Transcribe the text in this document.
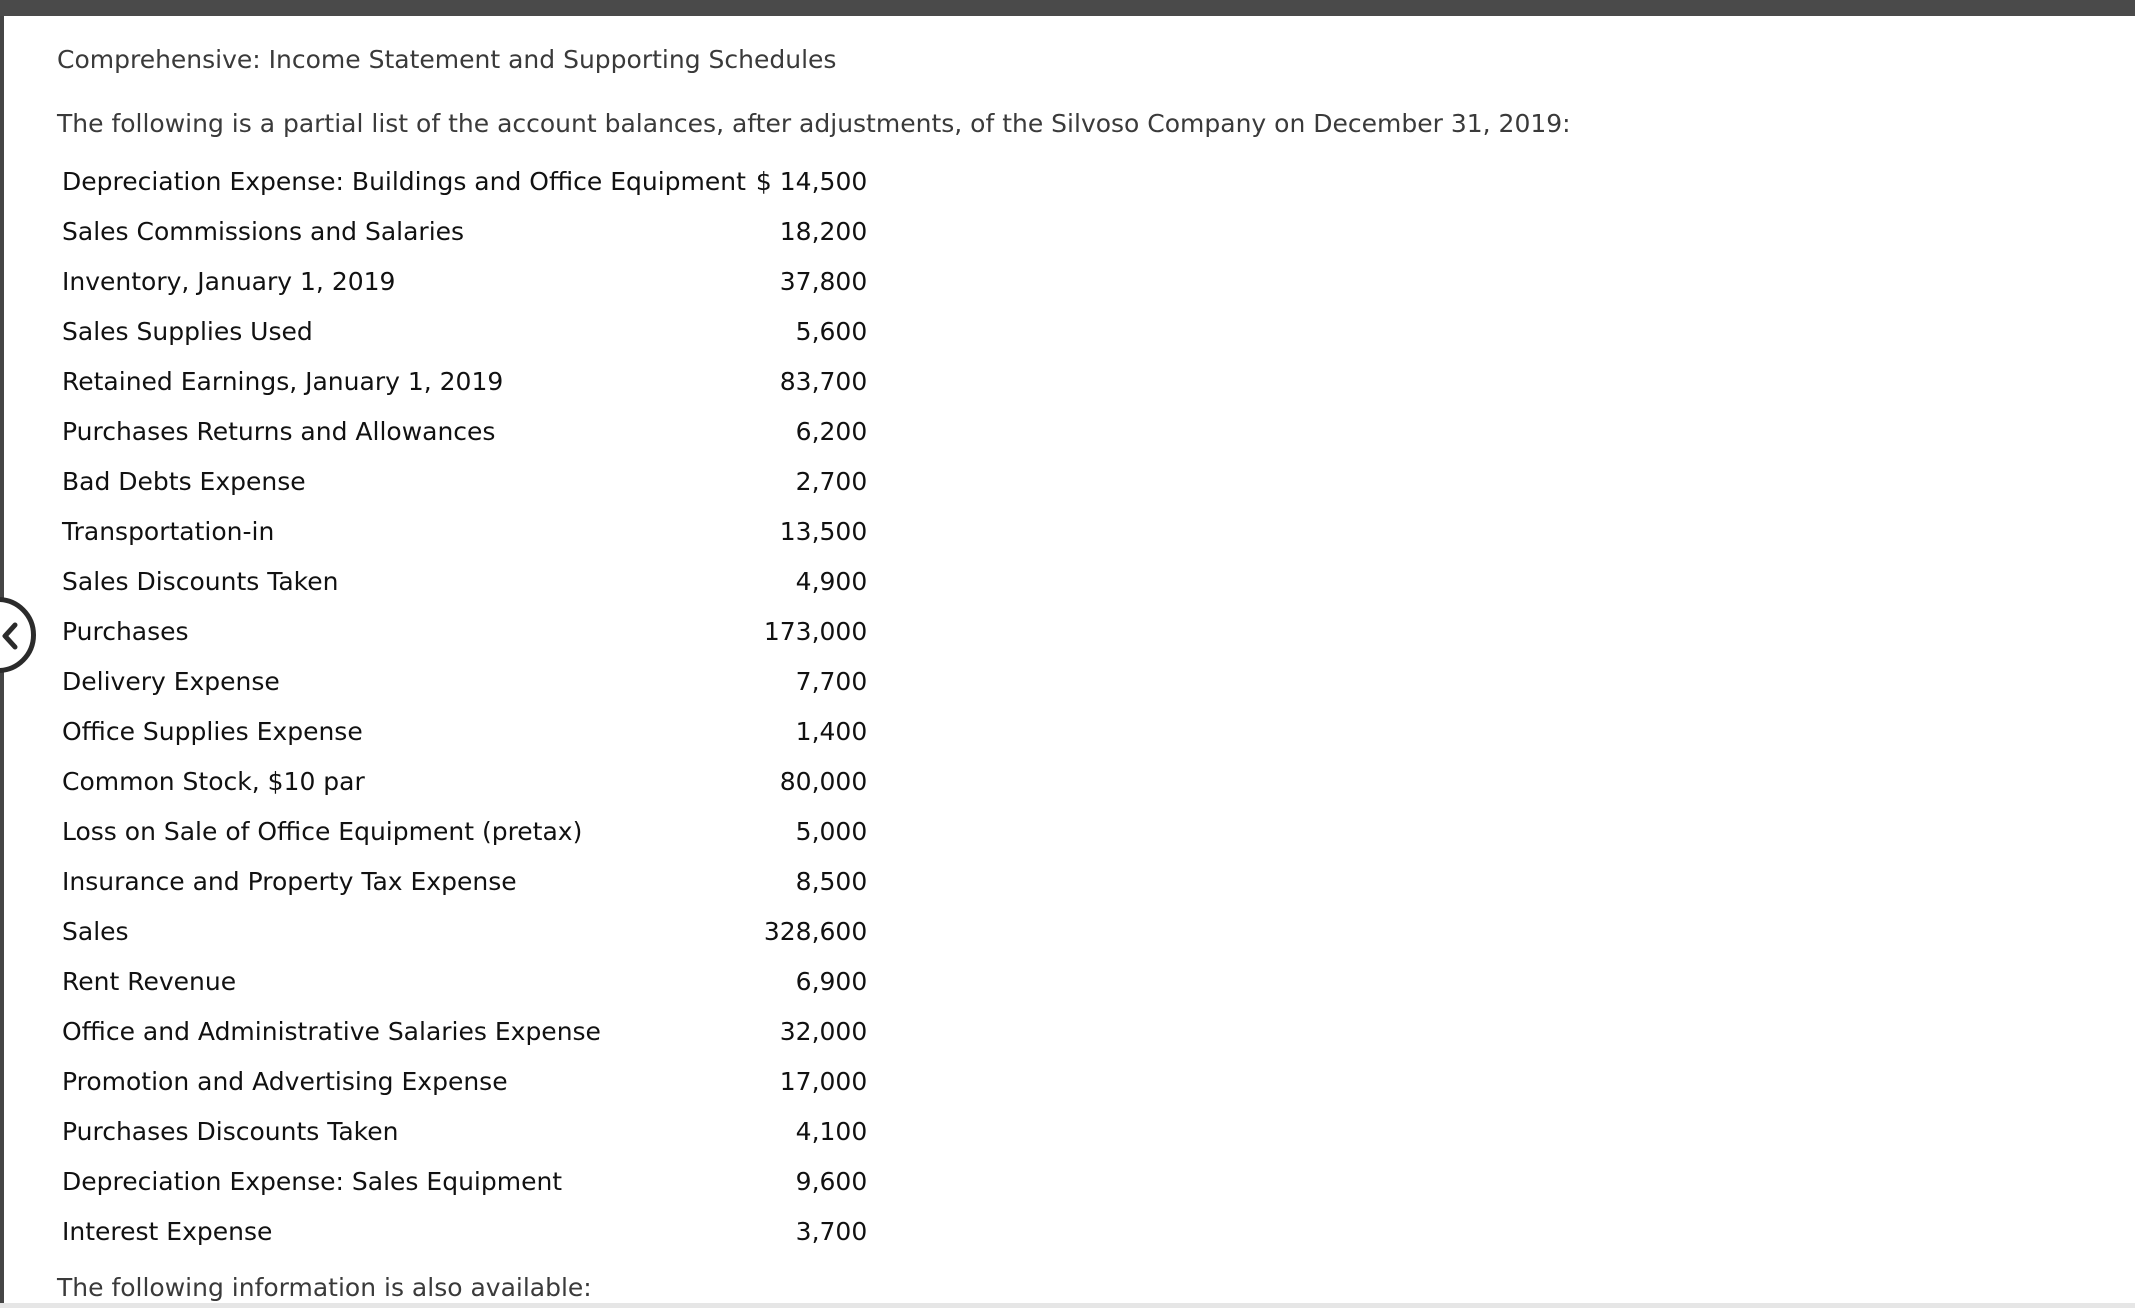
Comprehensive: Income Statement and Supporting Schedules
The following is a partial list of the account balances, after adjustments, of the Silvoso Company on December 31, 2019:
Depreciation Expense: Buildings and Office Equipment	$ 14,500
Sales Commissions and Salaries	18,200
Inventory, January 1, 2019	37,800
Sales Supplies Used	5,600
Retained Earnings, January 1, 2019	83,700
Purchases Returns and Allowances	6,200
Bad Debts Expense	2,700
Transportation-in	13,500
Sales Discounts Taken	4,900
Purchases	173,000
Delivery Expense	7,700
Office Supplies Expense	1,400
Common Stock, $10 par	80,000
Loss on Sale of Office Equipment (pretax)	5,000
Insurance and Property Tax Expense	8,500
Sales	328,600
Rent Revenue	6,900
Office and Administrative Salaries Expense	32,000
Promotion and Advertising Expense	17,000
Purchases Discounts Taken	4,100
Depreciation Expense: Sales Equipment	9,600
Interest Expense	3,700
The following information is also available:
